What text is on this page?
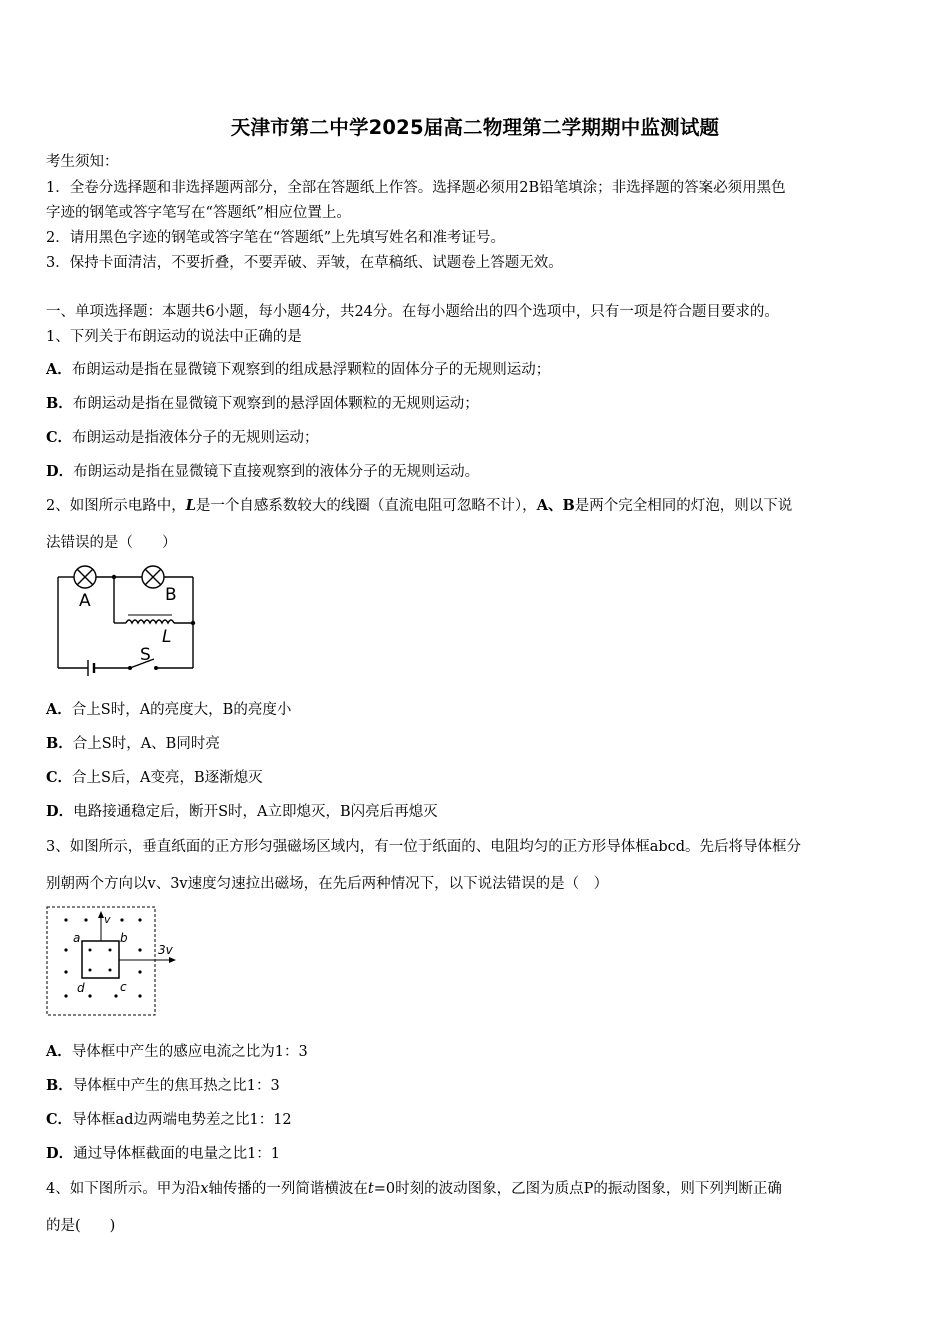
天津市第二中学2025届高二物理第二学期期中监测试题
考生须知：
1．全卷分选择题和非选择题两部分，全部在答题纸上作答。选择题必须用2B铅笔填涂；非选择题的答案必须用黑色
字迹的钢笔或答字笔写在“答题纸”相应位置上。
2．请用黑色字迹的钢笔或答字笔在“答题纸”上先填写姓名和准考证号。
3．保持卡面清洁，不要折叠，不要弄破、弄皱，在草稿纸、试题卷上答题无效。
一、单项选择题：本题共6小题，每小题4分，共24分。在每小题给出的四个选项中，只有一项是符合题目要求的。
1、下列关于布朗运动的说法中正确的是
A．布朗运动是指在显微镜下观察到的组成悬浮颗粒的固体分子的无规则运动；
B．布朗运动是指在显微镜下观察到的悬浮固体颗粒的无规则运动；
C．布朗运动是指液体分子的无规则运动；
D．布朗运动是指在显微镜下直接观察到的液体分子的无规则运动。
2、如图所示电路中，L是一个自感系数较大的线圈（直流电阻可忽略不计），A、B是两个完全相同的灯泡，则以下说
法错误的是（　　）
A	B
L
S
A．合上S时，A的亮度大，B的亮度小
B．合上S时，A、B同时亮
C．合上S后，A变亮，B逐渐熄灭
D．电路接通稳定后，断开S时，A立即熄灭，B闪亮后再熄灭
3、如图所示，垂直纸面的正方形匀强磁场区域内，有一位于纸面的、电阻均匀的正方形导体框abcd。先后将导体框分
别朝两个方向以v、3v速度匀速拉出磁场，在先后两种情况下，以下说法错误的是（　）
a	b
c
d
v
3v
A．导体框中产生的感应电流之比为1：3
B．导体框中产生的焦耳热之比1：3
C．导体框ad边两端电势差之比1：12
D．通过导体框截面的电量之比1：1
4、如下图所示。甲为沿x轴传播的一列简谐横波在t=0时刻的波动图象，乙图为质点P的振动图象，则下列判断正确
的是(　　)
